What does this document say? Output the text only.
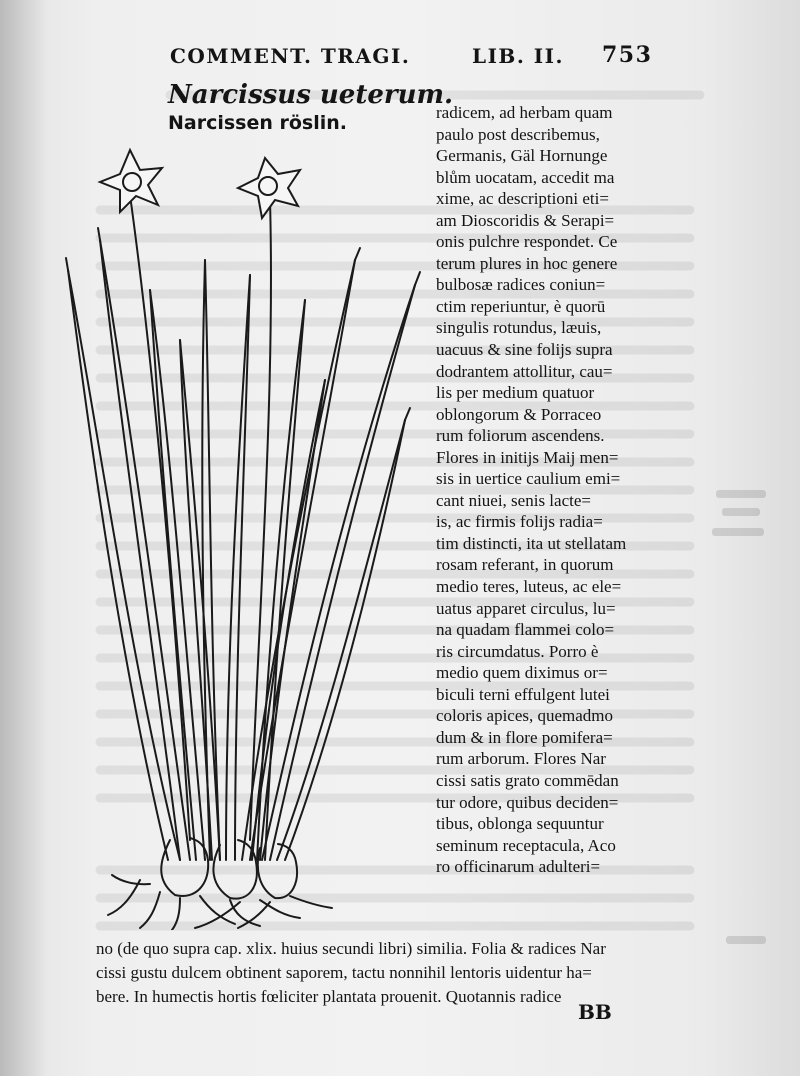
COMMENT. TRAGI.	LIB. II. 753
Narcissus ueterum.
Narcissen röslin.	radicem, ad herbam quam
paulo post describemus,
Germanis, Gäl Hornunge
blům uocatam, accedit ma
xime, ac descriptioni eti=
am Dioscoridis & Serapi=
onis pulchre respondet. Ce
terum plures in hoc genere
bulbosæ radices coniun=
ctim reperiuntur, è quorū
singulis rotundus, læuis,
uacuus & sine folijs supra
dodrantem attollitur, cau=
lis per medium quatuor
oblongorum & Porraceo
rum foliorum ascendens.
Flores in initijs Maij men=
sis in uertice caulium emi=
cant niuei, senis lacte=
is, ac firmis folijs radia=
tim distincti, ita ut stellatam
rosam referant, in quorum
medio teres, luteus, ac ele=
uatus apparet circulus, lu=
na quadam flammei colo=
ris circumdatus. Porro è
medio quem diximus or=
biculi terni effulgent lutei
coloris apices, quemadmo
dum & in flore pomifera=
rum arborum. Flores Nar
cissi satis grato commēdan
tur odore, quibus deciden=
tibus, oblonga sequuntur
seminum receptacula, Aco
ro officinarum adulteri=
no (de quo supra cap. xlix. huius secundi libri) similia. Folia & radices Nar
cissi gustu dulcem obtinent saporem, tactu nonnihil lentoris uidentur ha=
bere. In humectis hortis fœliciter plantata prouenit. Quotannis radice
BB
